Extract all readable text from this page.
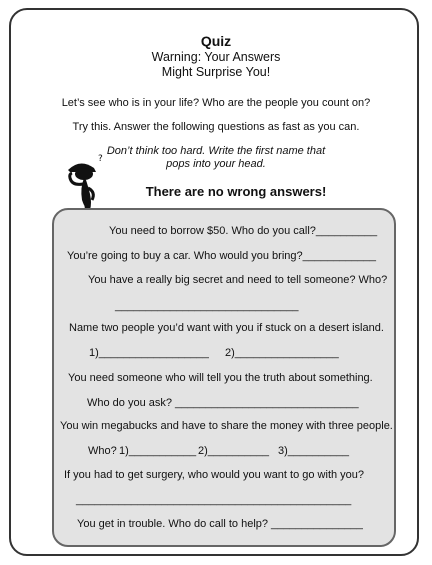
Quiz
Warning: Your Answers
Might Surprise You!
Let’s see who is in your life? Who are the people you count on?
Try this. Answer the following questions as fast as you can.
Don’t think too hard. Write the first name that
pops into your head.
There are no wrong answers!
?
You need to borrow $50. Who do you call?__________
You’re going to buy a car. Who would you bring?____________
You have a really big secret and need to tell someone? Who?
______________________________
Name two people you’d want with you if stuck on a desert island.
1)__________________ 2)_________________
You need someone who will tell you the truth about something.
Who do you ask? ______________________________
You win megabucks and have to share the money with three people.
Who? 1)___________ 2)__________ 3)__________
If you had to get surgery, who would you want to go with you?
_____________________________________________
You get in trouble. Who do call to help? _______________
